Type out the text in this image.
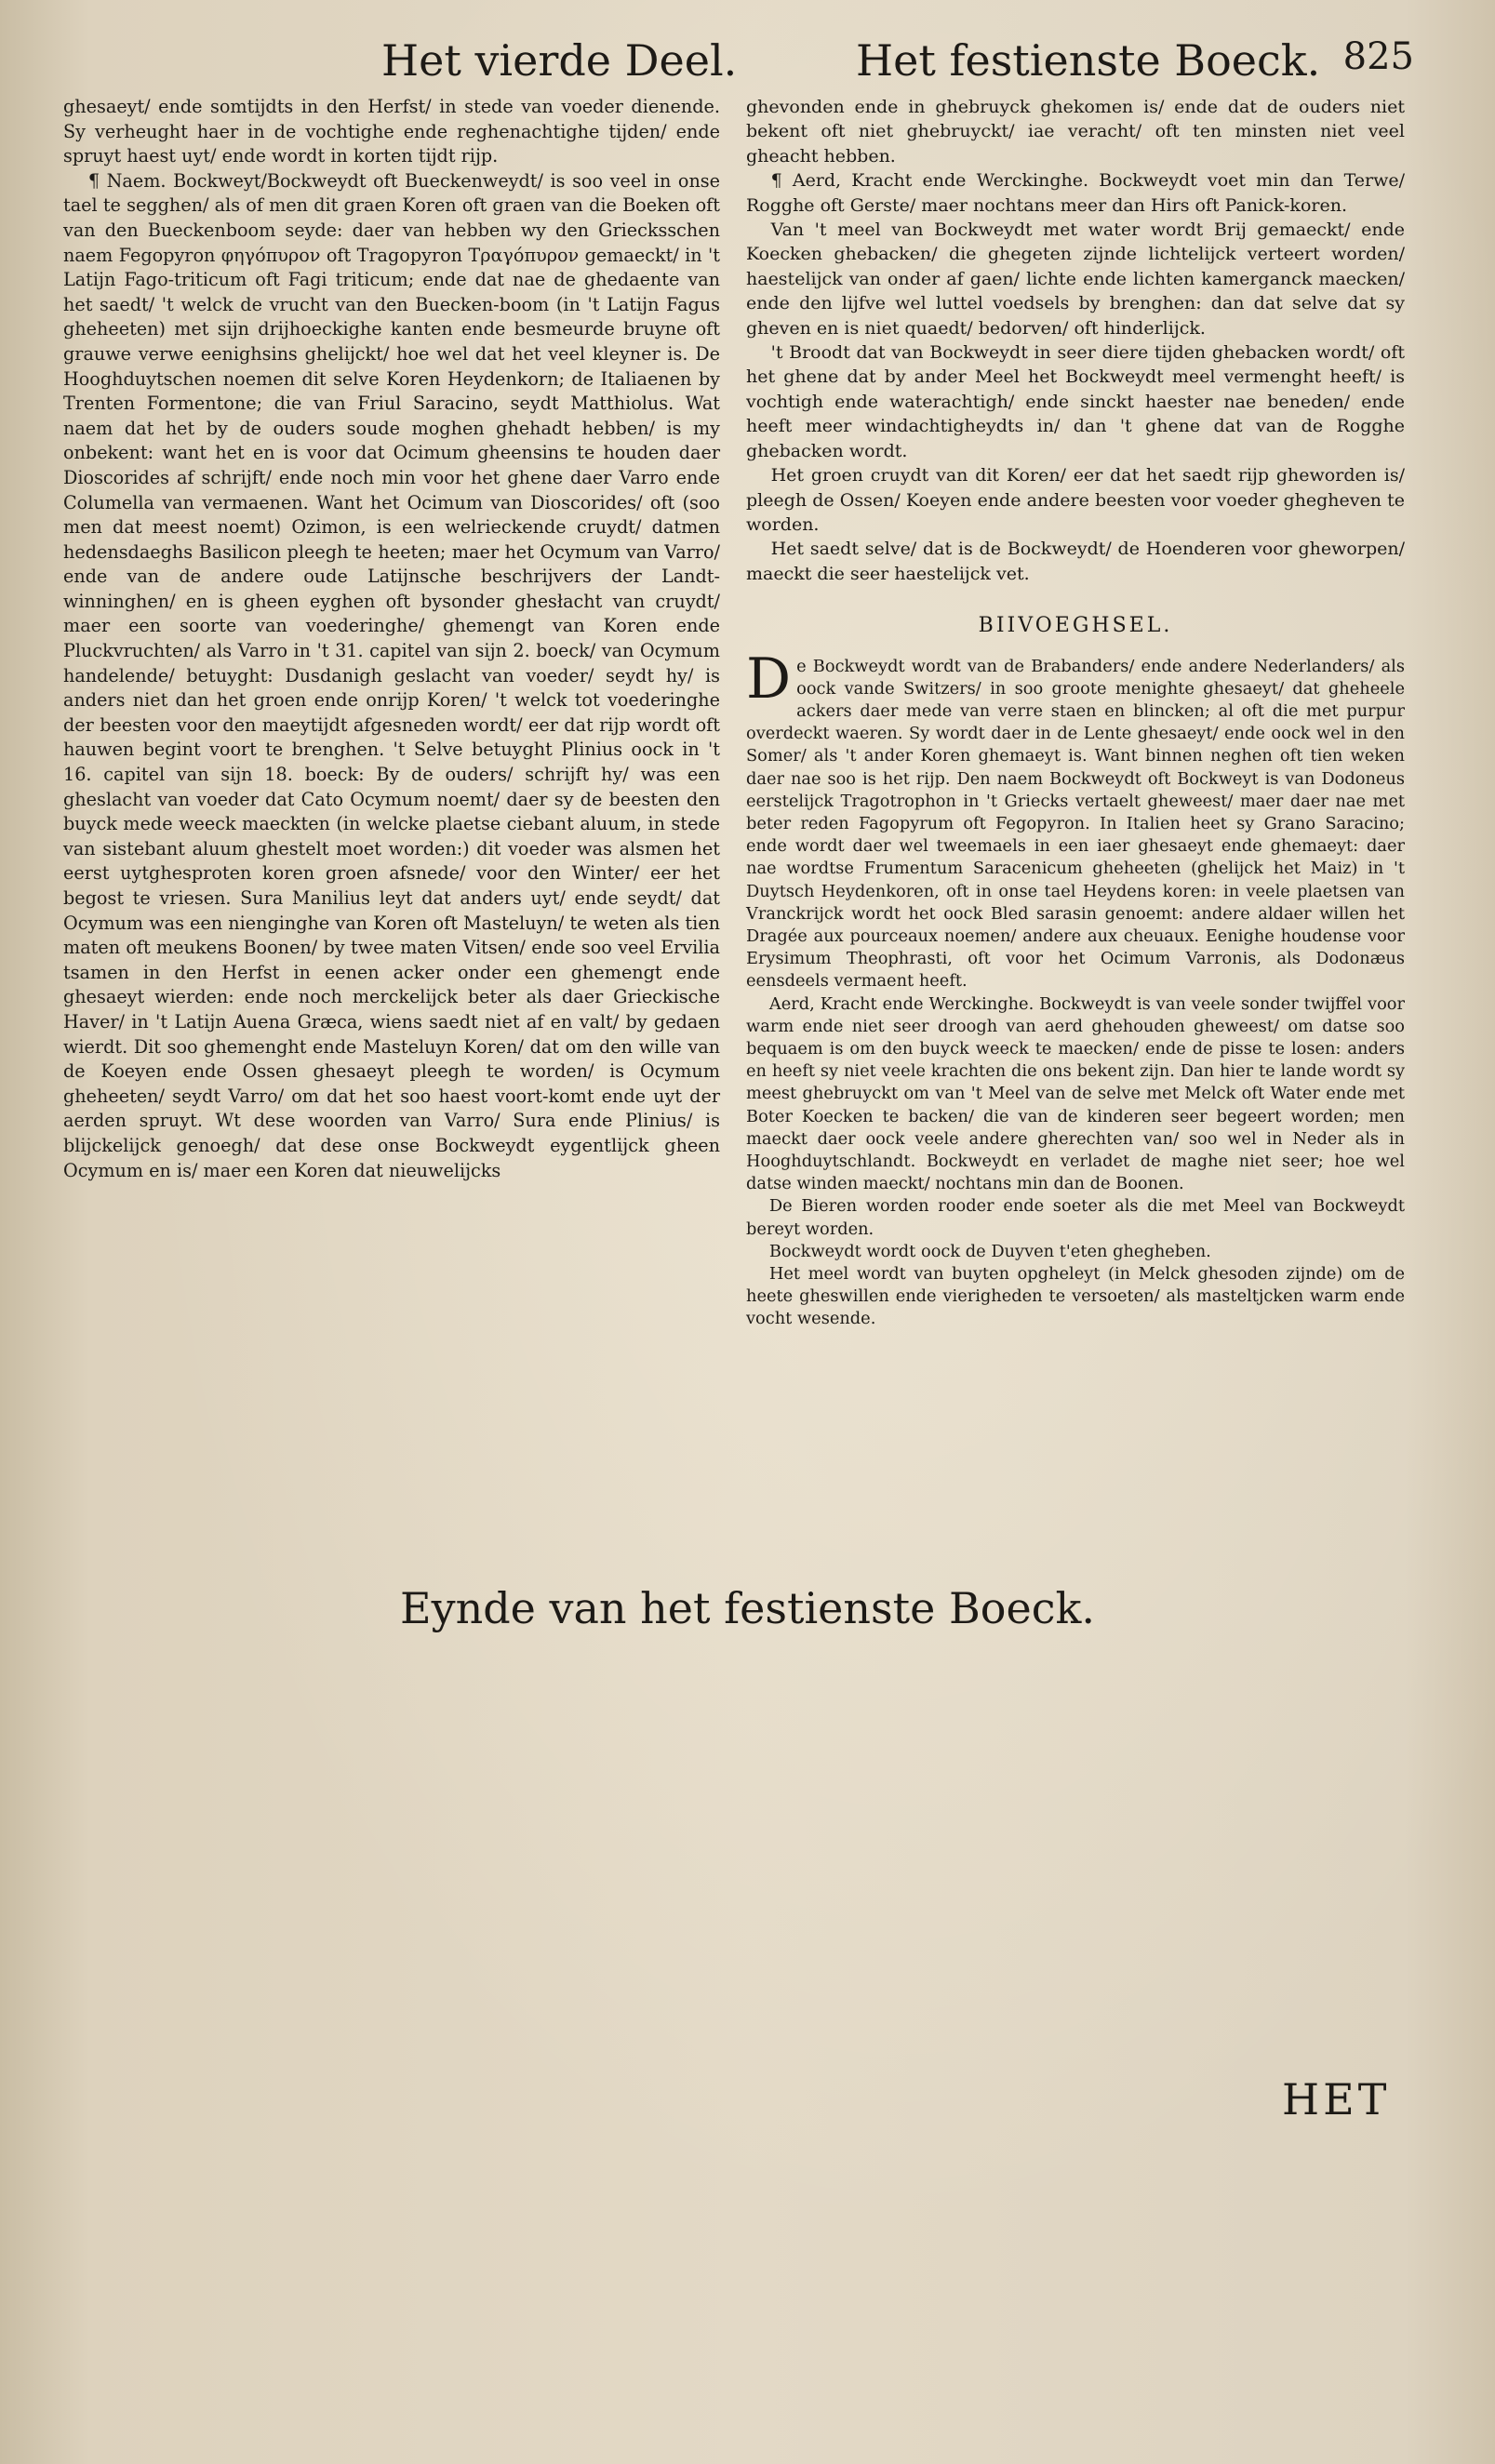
Het vierde Deel.	Het festienste Boeck. 825

ghesaeyt/ ende somtijdts in den Herfst/ in stede van voeder dienende. Sy verheught haer in de vochtighe ende reghenachtighe tijden/ ende spruyt haest uyt/ ende wordt in korten tijdt rijp.

¶ Naem. Bockweyt/Bockweydt oft Bueckenweydt/ is soo veel in onse tael te segghen/ als of men dit graen Koren oft graen van die Boeken oft van den Bueckenboom seyde: daer van hebben wy den Griecksschen naem Fegopyron φηγόπυρον oft Tragopyron Τραγόπυρον gemaeckt/ in 't Latijn Fago-triticum oft Fagi triticum; ende dat nae de ghedaente van het saedt/ 't welck de vrucht van den Buecken-boom (in 't Latijn Fagus gheheeten) met sijn drijhoeckighe kanten ende besmeurde bruyne oft grauwe verwe eenighsins ghelijckt/ hoe wel dat het veel kleyner is. De Hooghduytschen noemen dit selve Koren Heydenkorn; de Italiaenen by Trenten Formentone; die van Friul Saracino, seydt Matthiolus. Wat naem dat het by de ouders soude moghen ghehadt hebben/ is my onbekent: want het en is voor dat Ocimum gheensins te houden daer Dioscorides af schrijft/ ende noch min voor het ghene daer Varro ende Columella van vermaenen. Want het Ocimum van Dioscorides/ oft (soo men dat meest noemt) Ozimon, is een welrieckende cruydt/ datmen hedensdaeghs Basilicon pleegh te heeten; maer het Ocymum van Varro/ ende van de andere oude Latijnsche beschrijvers der Landt-winninghen/ en is gheen eyghen oft bysonder ghesłacht van cruydt/ maer een soorte van voederinghe/ ghemengt van Koren ende Pluckvruchten/ als Varro in 't 31. capitel van sijn 2. boeck/ van Ocymum handelende/ betuyght: Dusdanigh geslacht van voeder/ seydt hy/ is anders niet dan het groen ende onrijp Koren/ 't welck tot voederinghe der beesten voor den maeytijdt afgesneden wordt/ eer dat rijp wordt oft hauwen begint voort te brenghen. 't Selve betuyght Plinius oock in 't 16. capitel van sijn 18. boeck: By de ouders/ schrijft hy/ was een gheslacht van voeder dat Cato Ocymum noemt/ daer sy de beesten den buyck mede weeck maeckten (in welcke plaetse ciebant aluum, in stede van sistebant aluum ghestelt moet worden:) dit voeder was alsmen het eerst uytghesproten koren groen afsnede/ voor den Winter/ eer het begost te vriesen. Sura Manilius leyt dat anders uyt/ ende seydt/ dat Ocymum was een nienginghe van Koren oft Masteluyn/ te weten als tien maten oft meukens Boonen/ by twee maten Vitsen/ ende soo veel Ervilia tsamen in den Herfst in eenen acker onder een ghemengt ende ghesaeyt wierden: ende noch merckelijck beter als daer Grieckische Haver/ in 't Latijn Auena Græca, wiens saedt niet af en valt/ by gedaen wierdt. Dit soo ghemenght ende Masteluyn Koren/ dat om den wille van de Koeyen ende Ossen ghesaeyt pleegh te worden/ is Ocymum gheheeten/ seydt Varro/ om dat het soo haest voort-komt ende uyt der aerden spruyt. Wt dese woorden van Varro/ Sura ende Plinius/ is blijckelijck genoegh/ dat dese onse Bockweydt eygentlijck gheen Ocymum en is/ maer een Koren dat nieuwelijcks

ghevonden ende in ghebruyck ghekomen is/ ende dat de ouders niet bekent oft niet ghebruyckt/ iae veracht/ oft ten minsten niet veel gheacht hebben.

¶ Aerd, Kracht ende Werckinghe. Bockweydt voet min dan Terwe/ Rogghe oft Gerste/ maer nochtans meer dan Hirs oft Panick-koren.

Van 't meel van Bockweydt met water wordt Brij gemaeckt/ ende Koecken ghebacken/ die ghegeten zijnde lichtelijck verteert worden/ haestelijck van onder af gaen/ lichte ende lichten kamerganck maecken/ ende den lijfve wel luttel voedsels by brenghen: dan dat selve dat sy gheven en is niet quaedt/ bedorven/ oft hinderlijck.

't Broodt dat van Bockweydt in seer diere tijden ghebacken wordt/ oft het ghene dat by ander Meel het Bockweydt meel vermenght heeft/ is vochtigh ende waterachtigh/ ende sinckt haester nae beneden/ ende heeft meer windachtigheydts in/ dan 't ghene dat van de Rogghe ghebacken wordt.

Het groen cruydt van dit Koren/ eer dat het saedt rijp gheworden is/ pleegh de Ossen/ Koeyen ende andere beesten voor voeder ghegheven te worden.

Het saedt selve/ dat is de Bockweydt/ de Hoenderen voor gheworpen/ maeckt die seer haestelijck vet.

BIIVOEGHSEL.

De Bockweydt wordt van de Brabanders/ ende andere Nederlanders/ als oock vande Switzers/ in soo groote menighte ghesaeyt/ dat gheheele ackers daer mede van verre staen en blincken; al oft die met purpur overdeckt waeren. Sy wordt daer in de Lente ghesaeyt/ ende oock wel in den Somer/ als 't ander Koren ghemaeyt is. Want binnen neghen oft tien weken daer nae soo is het rijp. Den naem Bockweydt oft Bockweyt is van Dodoneus eerstelijck Tragotrophon in 't Griecks vertaelt gheweest/ maer daer nae met beter reden Fagopyrum oft Fegopyron. In Italien heet sy Grano Saracino; ende wordt daer wel tweemaels in een iaer ghesaeyt ende ghemaeyt: daer nae wordtse Frumentum Saracenicum gheheeten (ghelijck het Maiz) in 't Duytsch Heydenkoren, oft in onse tael Heydens koren: in veele plaetsen van Vranckrijck wordt het oock Bled sarasin genoemt: andere aldaer willen het Dragée aux pourceaux noemen/ andere aux cheuaux. Eenighe houdense voor Erysimum Theophrasti, oft voor het Ocimum Varronis, als Dodonæus eensdeels vermaent heeft.

Aerd, Kracht ende Werckinghe. Bockweydt is van veele sonder twijffel voor warm ende niet seer droogh van aerd ghehouden gheweest/ om datse soo bequaem is om den buyck weeck te maecken/ ende de pisse te losen: anders en heeft sy niet veele krachten die ons bekent zijn. Dan hier te lande wordt sy meest ghebruyckt om van 't Meel van de selve met Melck oft Water ende met Boter Koecken te backen/ die van de kinderen seer begeert worden; men maeckt daer oock veele andere gherechten van/ soo wel in Neder als in Hooghduytschlandt. Bockweydt en verladet de maghe niet seer; hoe wel datse winden maeckt/ nochtans min dan de Boonen.

De Bieren worden rooder ende soeter als die met Meel van Bockweydt bereyt worden.

Bockweydt wordt oock de Duyven t'eten ghegheben.

Het meel wordt van buyten opgheleyt (in Melck ghesoden zijnde) om de heete gheswillen ende vierigheden te versoeten/ als masteltjcken warm ende vocht wesende.

Eynde van het festienste Boeck.
HET
